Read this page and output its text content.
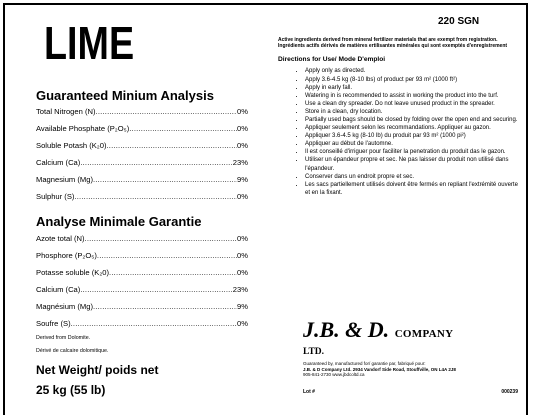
LIME	220 SGN
Guaranteed Minium Analysis
Total Nitrogen (N) .....	0%
Available Phosphate (P₂O₅) .....	0%
Soluble Potash (K₂0) .....	0%
Calcium (Ca) .....	23%
Magnesium (Mg) .....	9%
Sulphur (S) .....	0%
Analyse Minimale Garantie
Azote total (N) .....	0%
Phosphore (P₂O₅) .....	0%
Potasse soluble (K₂0) .....	0%
Calcium (Ca) .....	23%
Magnésium (Mg) .....	9%
Soufre (S) .....	0%
Derived from Dolomite.
Dérivé de calcaire dolomitique.
Net Weight/ poids net
25 kg (55 lb)
Active ingredients derived from mineral fertilizer materials that are exempt from registration. Ingrédients actifs dérivés de matières ertilisantes minérales qui sont exemptés d'enregistrement
Directions for Use/ Mode D'emploi
• Apply only as directed.
• Apply 3.6-4.5 kg (8-10 lbs) of product per 93 m² (1000 ft²)
• Apply in early fall.
• Watering in is recommended to assist in working the product into the turf.
• Use a clean dry spreader. Do not leave unused product in the spreader.
• Store in a clean, dry location.
• Partially used bags should be closed by folding over the open end and securing.
• Appliquer seulement selon les recommandations. Appliquer au gazon.
• Appliquer 3.6-4.5 kg (8-10 lb) du produit par 93 m² (1000 pi²)
• Appliquer au début de l'automne.
• Il est conseillé d'irriguer pour faciliter la penetration du produit das le gazon.
• Utiliser un épandeur propre et sec. Ne pas laisser du produit non utilisé dans l'épandeur.
• Conserver dans un endroit propre et sec.
• Les sacs partiellement utilisés doivent être fermés en repliant l'extrémité ouverte et en la fixant.
J.B. & D. COMPANY
LTD.
Guaranteed by, manufactured for/ garantie par, fabriqué pour:
J.B. & D Company Ltd. 2934 Vandorf Side Road, Stouffville, ON L4A 2J8
905-841-2730 www.jbdcoltd.ca
Lot #	000239
